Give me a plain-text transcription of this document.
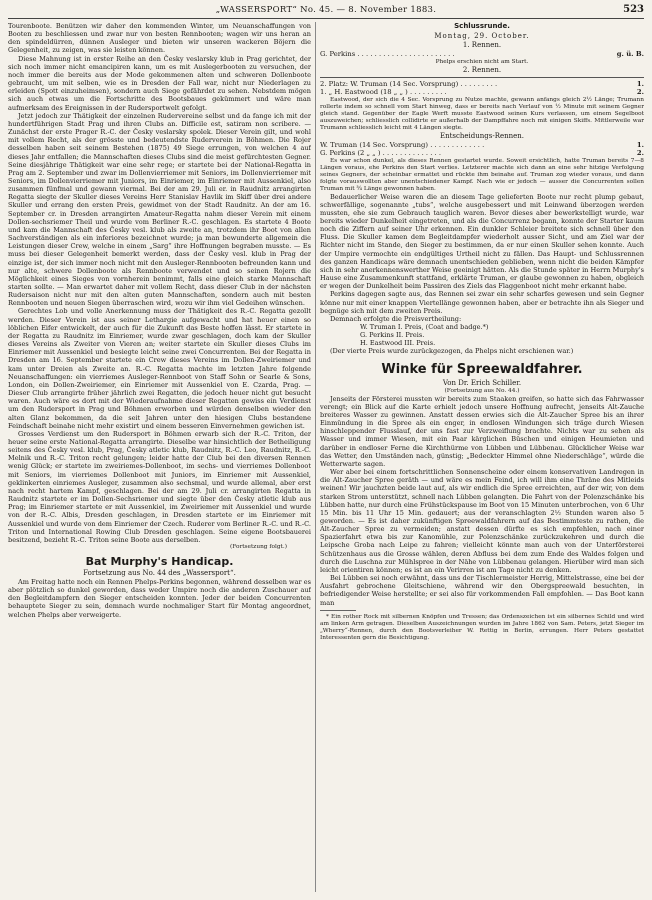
„WASSERSPORT“ No. 45. — 8. November 1883.	523

Tourenboote. Benützen wir daher den kommenden Winter, um Neuanschaffungen von Booten zu beschliessen und zwar nur von besten Rennbooten; wagen wir uns heran an den spindeldürren, dünnen Ausleger und bieten wir unseren wackeren Böjern die Gelegenheit, zu zeigen, was sie leisten können.

Diese Mahnung ist in erster Reihe an den Česky veslarsky klub in Prag gerichtet, der sich noch immer nicht emancipiren kann, um es mit Auslegerbooten zu versuchen, der noch immer die bereits aus der Mode gekommenen alten und schweren Dollenboote gebraucht, um mit selben, wie es in Dresden der Fall war, nicht nur Niederlagen zu erleiden (Spott einzuheimsen), sondern auch Siege gefährdet zu sehen. Nebstdem mögen sich auch etwas um die Fortschritte des Bootsbaues gekümmert und wäre man aufmerksam des Ereignissen in der Rudersportwelt gefolgt.

Jetzt jedoch zur Thätigkeit der einzelnen Rudervereine selbst und da fange ich mit der hundertführigen Stadt Prag und ihren Clubs an. Difficile est, satiram non scribere. — Zunächst der erste Prager R.-C. der Česky veslarsky spolek. Dieser Verein gilt, und wohl mit vollem Recht, als der grösste und bedeutendste Ruderverein in Böhmen. Die Rojer desselben haben seit seinem Bestehen (1875) 49 Siege errungen, von welchen 4 auf dieses Jahr entfallen; die Mannschaften dieses Clubs sind die meist gefürchtesten Gegner. Seine diesjährige Thätigkeit war eine sehr rege; er startete bei der National-Regatta in Prag am 2. September und zwar im Dollenvierriemer mit Seniors, im Dollenvierriemer mit Seniors, im Dollenvierriemer mit Juniors, im Einriemer, im Einriemer mit Aussenkiel, also zusammen fünfmal und gewann viermal. Bei der am 29. Juli er. in Raudnitz arrangirten Regatta siegte der Skuller dieses Vereins Herr Stanislav Havlik im Skiff über drei andere Skuller und errang den ersten Preis, gewidmet von der Stadt Raudnitz. An der am 16. September cr. in Dresden arrangirten Amateur-Regatta nahm dieser Verein mit einem Dollen-sechsriemer Theil und wurde vom Berliner R.-C. geschlagen. Es startete 4 Boote und kam die Mannschaft des Česky vesl. klub als zweite an, trotzdem ihr Boot von allen Sachverständigen als ein inferiores bezeichnet wurde; ja man bewunderte allgemein die Leistungen dieser Crew, welche in einem „Sarg“ ihre Hoffnungen begraben musste. — Es muss bei dieser Gelegenheit bemerkt werden, dass der Česky vesl. klub in Prag der einzige ist, der sich immer noch nicht mit den Ausleger-Rennbooten befreunden kann und nur alte, schwere Dollenboote als Rennboote verwendet und so seinen Rojern die Möglichkeit eines Sieges von vornherein benimmt, falls eine gleich starke Mannschaft starten sollte. — Man erwartet daher mit vollem Recht, dass dieser Club in der nächsten Rudersaison nicht nur mit den alten guten Mannschaften, sondern auch mit besten Rennbooten und neuen Siegen überraschen wird, wozu wir ihm viel Gedeihen wünschen.

Gerechtes Lob und volle Anerkennung muss der Thätigkeit des R.-C. Regatta gezollt werden. Dieser Verein ist aus seiner Lethargie aufgewacht und hat heuer einen so löblichen Eifer entwickelt, der auch für die Zukunft das Beste hoffen lässt. Er startete in der Regatta zu Raudnitz im Einriemer, wurde zwar geschlagen, doch kam der Skuller dieses Vereins als Zweiter von Vieren an; weiter startete ein Skuller dieses Clubs im Einriemer mit Aussenkiel und besiegte leicht seine zwei Concurrenten. Bei der Regatta in Dresden am 16. September startete ein Crew dieses Vereins im Dollen-Zweiriemer und kam unter Dreien als Zweite an. R.-C. Regatta machte im letzten Jahre folgende Neuanschaffungen: ein vierriemes Ausleger-Rennboot von Staff Sohn or Searle & Sons, London, ein Dollen-Zweiriemer, ein Einriemer mit Aussenkiel von E. Czarda, Prag. — Dieser Club arrangirte früher jährlich zwei Regatten, die jedoch heuer nicht gut besucht waren. Auch wäre es dort mit der Wiederaufnahme dieser Regatten gewiss ein Verdienst um den Rudersport in Prag und Böhmen erworben und würden denselben wieder den alten Glanz bekommen, da die seit Jahren unter den hiesigen Clubs bestandene Feindschaft beinahe nicht mehr existirt und einem besseren Einvernehmen gewichen ist.

Grosses Verdienst um den Rudersport in Böhmen erwarb sich der R.-C. Triton, der heuer seine erste National-Regatta arrangirte. Dieselbe war hinsichtlich der Betheiligung seitens des Česky vesl. klub, Prag, Česky atletic klub, Raudnitz, R.-C. Leo, Raudnitz, R.-C. Melnik und R.-C. Triton recht gelungen; leider hatte der Club bei den diversen Rennen wenig Glück; er startete im zweiriemes-Dollenboot, im sechs- und vierriemes Dollenboot mit Seniors, im vierriemes Dollenboot mit Juniors, im Einriemer mit Aussenkiel, geklinkerten einriemes Ausleger, zusammen also sechsmal, und wurde allemal, aber erst nach recht hartem Kampf, geschlagen. Bei der am 29. Juli cr. arrangirten Regatta in Raudnitz startete er im Dollen-Sechsriemer und siegte über den Česky atletic klub aus Prag; im Einriemer startete er mit Aussenkiel, im Zweiriemer mit Aussenkiel und wurde von der R.-C. Albis, Dresden geschlagen, in Dresden startete er im Einriemer mit Aussenkiel und wurde von dem Einriemer der Czech. Ruderer vom Berliner R.-C. und R.-C. Triton und International Rowing Club Dresden geschlagen. Seine eigene Bootsbauerei besitzend, bezieht R.-C. Triton seine Boote aus derselben.

(Fortsetzung folgt.)
Bat Murphy's Handicap.
Fortsetzung aus No. 44 des „Wassersport“.

Am Freitag hatte noch ein Rennen Phelps-Perkins begonnen, während desselben war es aber plötzlich so dunkel geworden, dass weder Umpire noch die anderen Zuschauer auf den Begleitdampfern den Sieger entscheiden konnten. Jeder der beiden Concurrenten behauptete Sieger zu sein, demnach wurde nochmaliger Start für Montag angeordnet, welchen Phelps aber verweigerte.

Schlussrunde.
Montag, 29. October.
1. Rennen.
G. Perkins . . . . . . . . . . . . . . . . . . . . . . .	g. ü. B.
Phelps erschien nicht am Start.
2. Rennen.
2. Platz: W. Truman (14 Sec. Vorsprung) . . . . . . . . .	1.
1. „ H. Eastwood (18 „ „ ) . . . . . . . . .	2.

Eastwood, der sich die 4 Sec. Vorsprung zu Nutze machte, gewann anfangs gleich 2½ Länge; Trumann rollerte indem so schnell vom Start hinweg, dass er bereits nach Verlauf von ½ Minute mit seinem Gegner gleich stand. Gegenüber der Eagle Werft musste Eastwood seinen Kurs verlassen, um einem Segelboot auszuweichen; schliesslich collidirte er außerhalb der Dampffahre noch mit einigen Skiffs. Mittlerweile war Trumann schliesslich leicht mit 4 Längen siegte.

Entscheidungs-Rennen.
W. Truman (14 Sec. Vorsprung) . . . . . . . . . . . . .	1.
G. Perkins (2 „ „ ) . . . . . . . . . . . . . .	2.

Es war schon dunkel, als dieses Rennen gestartet wurde. Soweit ersichtlich, hatte Truman bereits 7—8 Längen voraus, ehe Perkins den Start verlies. Letzterer machte sich dann an eine sehr hitzige Verfolgung seines Gegners, der scheinbar ermattet und rückte ihm beinahe auf. Truman zog wieder voraus, und dann folgte vorauswollten aber unentschiedener Kampf. Nach wie er jedoch — ausser die Concurrenten sollen Truman mit ¾ Länge gewonnen haben.

Bedauerlicher Weise waren die an diesem Tage gelieferten Boote nur recht plump gebaut, schwerfällige, sogenannte „tubs“, welche ausgebessert und mit Leinwand überzogen werden mussten, ehe sie zum Gebrauch tauglich waren. Bevor dieses aber bewerkstelligt wurde, war bereits wieder Dunkelheit eingetreten, und als die Concurrenz begann, konnte der Starter kaum noch die Ziffern auf seiner Uhr erkennen. Ein dunkler Schleier breitete sich schnell über den Fluss. Die Skuller kamen dem Begleitdampfer wiederholt ausser Sicht, und am Ziel war der Richter nicht im Stande, den Sieger zu bestimmen, da er nur einen Skuller sehen konnte. Auch der Umpire vermochte ein endgültiges Urtheil nicht zu fällen. Das Haupt- und Schlussrennen des ganzen Handicaps wäre demnach unentschieden geblieben, wenn nicht die beiden Kämpfer sich in sehr anerkennenswerther Weise geeinigt hätten. Als die Stunde später in Herrn Murphy's Hause eine Zusammenkunft stattfand, erklärte Truman, er glaube gewonnen zu haben, obgleich er wegen der Dunkelheit beim Passiren des Ziels das Flaggenboot nicht mehr erkannt habe.

Perkins dagegen sagte aus, das Rennen sei zwar ein sehr scharfes gewesen und sein Gegner könne nur mit einer knappen Viertellänge gewonnen haben, aber er betrachte ihn als Sieger und begnüge sich mit dem zweiten Preis.

Demnach erfolgte die Preisvertheilung:

W. Truman I. Preis, (Coat and badge.*)
G. Perkins II. Preis.
H. Eastwood III. Preis.

(Der vierte Preis wurde zurückgezogen, da Phelps nicht erschienen war.)

Winke für Spreewaldfahrer.
Von Dr. Erich Schiller.
(Fortsetzung aus No. 44.)

Jenseits der Försterei mussten wir bereits zum Staaken greifen, so hatte sich das Fahrwasser verengt; ein Blick auf die Karte erhielt jedoch unsere Hoffnung aufrecht, jenseits Alt-Zauche breiteres Wasser zu gewinnen. Anstatt dessen erwies sich die Alt-Zaucher Spree bis an ihrer Einmündung in die Spree als ein enger, in endlosen Windungen sich träge durch Wiesen hinschleppender Flusslauf, der uns fast zur Verzweiflung brachte. Nichts war zu sehen als Wasser und immer Wiesen, mit ein Paar kärglichen Büschen und einigen Heumieten und darüber in endloser Ferne die Kirchthürme von Lübben und Lübbenau. Glücklicher Weise war das Wetter, den Umständen nach, günstig; „Bedeckter Himmel ohne Niederschläge“, würde die Wetterwarte sagen.

Wer aber bei einem fortschrittlichen Sonnenscheine oder einem konservativen Landregen in die Alt-Zaucher Spree geräth — und wäre es mein Feind, ich will ihm eine Thräne des Mitleids weinen! Wir jauchzten beide laut auf, als wir endlich die Spree erreichten, auf der wir, von dem starken Strom unterstützt, schnell nach Lübben gelangten. Die Fahrt von der Polenzschänke bis Lübben hatte, nur durch eine Frühstückspause im Boot von 15 Minuten unterbrochen, von 6 Uhr 15 Min. bis 11 Uhr 15 Min. gedauert; aus der veranschlagten 2½ Stunden waren also 5 geworden. — Es ist daher zukünftigen Spreewaldfahrern auf das Bestimmteste zu rathen, die Alt-Zaucher Spree zu vermeiden; anstatt dessen dürfte es sich empfehlen, nach einer Spazierfahrt etwa bis zur Kanomühle, zur Polenzschänke zurückzukehren und durch die Leipsche Groba nach Leipe zu fahren; vielleicht könnte man auch von der Unterförsterei Schützenhaus aus die Grosse wählen, deren Abfluss bei dem zum Ende des Waldes folgen und durch die Luschna zur Mühlspree in der Nähe von Lübbenau gelangen. Hierüber wird man sich leicht orientiren können; es ist an ein Verirren ist am Tage nicht zu denken.

Bei Lübben sei noch erwähnt, dass uns der Tischlermeister Herrig, Mittelstrasse, eine bei der Ausfahrt gebrochene Gleitschiene, während wir den Obergspreewald besuchten, in befriedigender Weise herstellte; er sei also für vorkommenden Fall empfohlen. — Das Boot kann man

* Ein rother Rock mit silbernen Knöpfen und Tressen; das Ordenszeichen ist ein silbernes Schild und wird am linken Arm getragen. Dieselben Auszeichnungen wurden im Jahre 1862 von Sam. Peters, jetzt Sieger im „Wherry“-Rennen, durch den Bootsverleiher W. Rettig in Berlin, errungen. Herr Peters gestattet Interessenten gern die Besichtigung.
